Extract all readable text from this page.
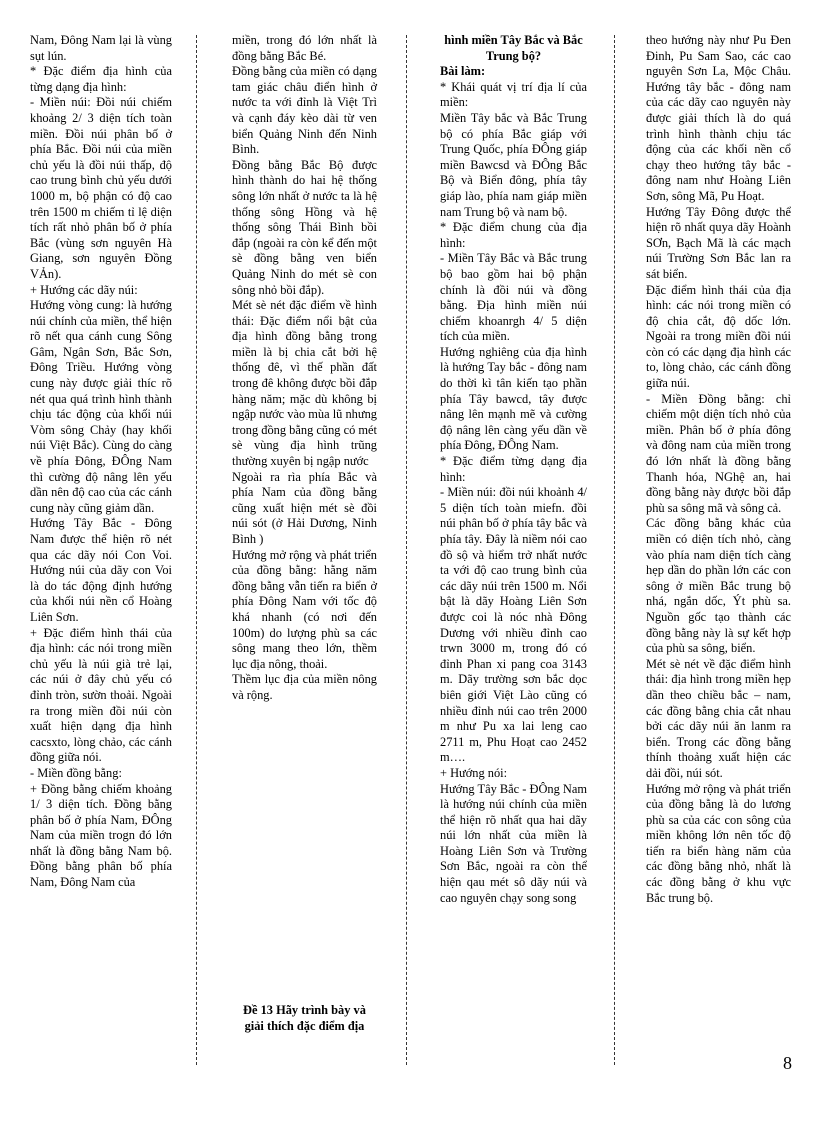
Nam, Đông Nam lại là vùng sụt lún.

* Đặc điểm địa hình của từng dạng địa hình:

- Miền núi: Đồi núi chiếm khoảng 2/ 3 diện tích toàn miền. Đồi núi phân bố ở phía Bắc. Đồi núi của miền chủ yếu là đồi núi thấp, độ cao trung bình chủ yếu dưới 1000 m, bộ phận có độ cao trên 1500 m chiếm tỉ lệ diện tích rất nhỏ phân bố ở phía Bắc (vùng sơn nguyên Hà Giang, sơn nguyên Đồng VẢn).

+ Hướng các dãy núi:

Hướng vòng cung: là hướng núi chính của miền, thể hiện rõ nết qua cánh cung Sông Gâm, Ngân Sơn, Bắc Sơn, Đông Triều. Hướng vòng cung này được giải thíc rõ nét qua quá trình hình thành chịu tác động của khối núi Vòm sông Chảy (hay khối núi Việt Bắc). Cùng do càng về phía Đông, ĐÔng Nam thì cường độ nâng lên yếu dần nên độ cao của các cánh cung này cũng giảm dần.

Hướng Tây Bắc - Đông Nam được thể hiện rõ nét qua các dãy nói Con Voi. Hướng núi của dãy con Voi là do tác động định hướng của khối núi nền cổ Hoàng Liên Sơn.

+ Đặc điểm hình thái của địa hình: các nói trong miền chủ yếu là núi già trẻ lại, các núi ở đây chủ yếu có đỉnh tròn, sườn thoải. Ngoài ra trong miền đồi núi còn xuất hiện dạng địa hình cacsxto, lòng chảo, các cánh đồng giữa nói.

- Miền đồng bằng:

+ Đồng bằng chiếm khoảng 1/ 3 diện tích. Đồng bằng phân bố ở phía Nam, ĐÔng Nam của miền trogn đó lớn nhất là đồng bằng Nam bộ. Đồng bằng phân bố phía Nam, Đông Nam của

miền, trong đó lớn nhất là đồng bằng Bắc Bé.

Đồng bằng của miền có dạng tam giác châu điển hình ở nước ta với đỉnh là Việt Trì và cạnh đáy kèo dài từ ven biển Quảng Ninh đến Ninh Bình.

Đồng bằng Bắc Bộ được hình thành do hai hệ thống sông lớn nhất ở nước ta là hệ thống sông Hồng và hệ thống sông Thái Bình bồi đắp (ngoài ra còn kể đến một sè đồng bằng ven biển Quảng Ninh do mét sè con sông nhỏ bồi đắp).

Mét sè nét đặc điểm về hình thái: Đặc điểm nổi bật của địa hình đồng bằng trong miền là bị chia cắt bởi hệ thống đê, vì thế phần đất trong đê không được bồi đắp hàng năm; mặc dù không bị ngập nước vào mùa lũ nhưng trong đồng bằng cũng có mét sè vùng địa hình trũng thường xuyên bị ngập nước

Ngoài ra rìa phía Bắc và phía Nam của đồng bằng cũng xuất hiện mét sè đồi núi sót (ở Hải Dương, Ninh Bình )

Hướng mở rộng và phát triển của đồng bằng: hằng năm đồng bằng vẫn tiến ra biển ở phía Đông Nam với tốc độ khá nhanh (có nơi đến 100m) do lượng phù sa các sông mang theo lớn, thềm lục địa nông, thoải.

Thềm lục địa của miền nông và rộng.

Đề 13 Hãy trình bày và giải thích đặc điểm địa

hình miền Tây Bắc và Bắc Trung bộ?

Bài làm:

* Khái quát vị trí địa lí của miền:

Miền Tây bắc và Bắc Trung bộ có phía Bắc giáp với Trung Quốc, phía ĐÔng giáp miền Bawcsd và ĐÔng Bắc Bộ và Biển đông, phía tây giáp lào, phía nam giáp miền nam Trung bộ và nam bộ.

* Đặc điểm chung của địa hình:

- Miền Tây Bắc và Bắc trung bộ bao gồm hai bộ phận chính là đồi núi và đồng bằng. Địa hình miền núi chiếm khoanrgh 4/ 5 diện tích của miền.

Hướng nghiêng của địa hình là hướng Tay bắc - đông nam do thời kì tân kiến tạo phần phía Tây bawcd, tây được nâng lên mạnh mẽ và cường độ nâng lên càng yếu dần về phía Đông, ĐÔng Nam.

* Đặc điểm từng dạng địa hình:

- Miền núi: đồi núi khoảnh 4/ 5 diện tích toàn miefn. đồi núi phân bố ở phía tây bắc và phía tây. Đây là niềm nói cao đồ sộ và hiểm trở nhất nước ta với độ cao trung bình của các dãy núi trên 1500 m. Nổi bật là dãy Hoàng Liên Sơn được coi là nóc nhà Đông Dương với nhiều đỉnh cao trwn 3000 m, trong đó có đỉnh Phan xi pang coa 3143 m. Dãy trường sơn bắc dọc biên giới Việt Lào cũng có nhiều đỉnh núi cao trên 2000 m như Pu xa lai leng cao 2711 m, Phu Hoạt cao 2452 m….

+ Hướng nói:

Hướng Tây Bắc - ĐÔng Nam là hướng núi chính của miền thể hiện rõ nhất qua hai dãy núi lớn nhất của miền là Hoàng Liên Sơn và Trường Sơn Bắc, ngoài ra còn thể hiện qau mét sô dãy núi và cao nguyên chạy song song

theo hướng này như Pu Đen Đinh, Pu Sam Sao, các cao nguyên Sơn La, Mộc Châu. Hướng tây bắc - đông nam của các dãy cao nguyên này được giải thích là do quá trình hình thành chịu tác động của các khối nền cổ chạy theo hướng tây bắc - đông nam như Hoàng Liên Sơn, sông Mã, Pu Hoạt.

Hướng Tây Đông được thể hiện rõ nhất quya dãy Hoành SƠn, Bạch Mã là các mạch núi Trường Sơn Bắc lan ra sát biển.

Đặc điểm hình thái của địa hình: các nói trong miền có độ chia cắt, độ dốc lớn. Ngoài ra trong miền đồi núi còn có các dạng địa hình các to, lòng chảo, các cánh đồng giữa núi.

- Miền Đồng bằng: chỉ chiếm một diện tích nhỏ của miền. Phân bố ở phía đông và đông nam của miền trong đó lớn nhất là đồng bằng Thanh hóa, NGhệ an, hai đồng bằng này được bồi đắp phù sa sông mã và sông cả.

Các đồng bằng khác của miền có diện tích nhỏ, càng vào phía nam diện tích càng hẹp dần do phần lớn các con sông ở miền Bắc trung bộ nhá, ngắn dốc, Ýt phù sa. Nguồn gốc tạo thành các đồng bằng này là sự kết hợp của phù sa sông, biển.

Mét sè nét về đặc điểm hình thái: địa hình trong miền hẹp dần theo chiều bắc – nam, các đồng bằng chia cắt nhau bởi các dãy núi ăn lanm ra biển. Trong các đồng bằng thính thoảng xuất hiện các dải đồi, núi sót.

Hướng mở rộng và phát triển của đồng bằng là do lương phù sa của các con sông của miền không lớn nên tốc độ tiến ra biển hàng năm của các đồng bằng nhỏ, nhất là các đồng bằng ở khu vực Bắc trung bộ.

8
